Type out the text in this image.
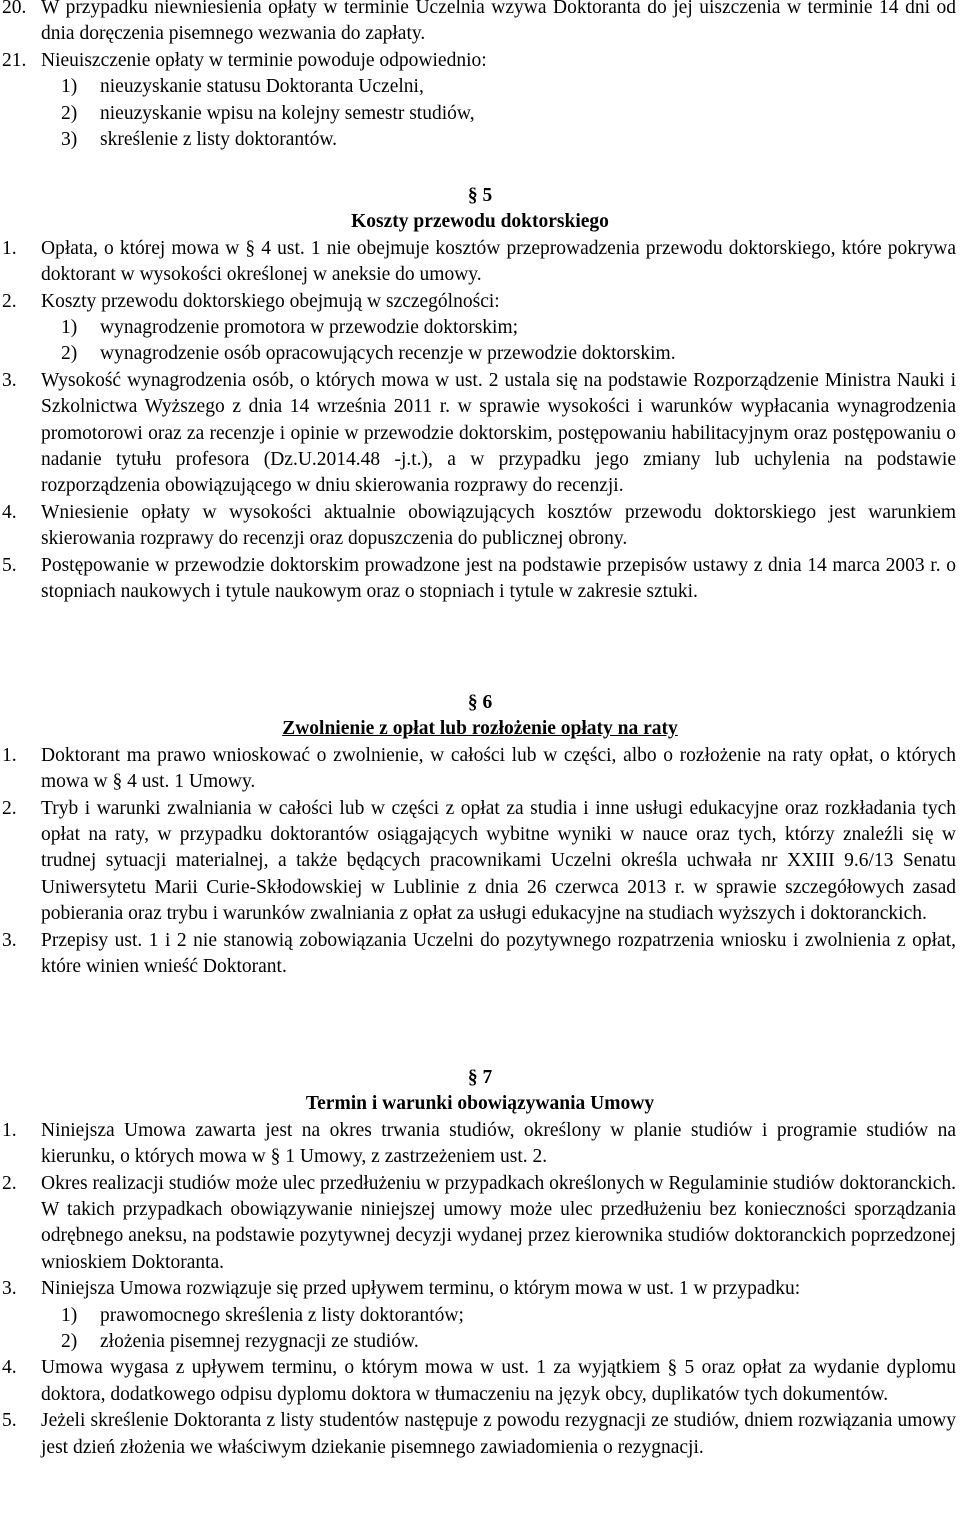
20. W przypadku niewniesienia opłaty w terminie Uczelnia wzywa Doktoranta do jej uiszczenia w terminie 14 dni od dnia doręczenia pisemnego wezwania do zapłaty.
21. Nieuiszczenie opłaty w terminie powoduje odpowiednio:
1) nieuzyskanie statusu Doktoranta Uczelni,
2) nieuzyskanie wpisu na kolejny semestr studiów,
3) skreślenie z listy doktorantów.
§ 5
Koszty przewodu doktorskiego
1. Opłata, o której mowa w § 4 ust. 1 nie obejmuje kosztów przeprowadzenia przewodu doktorskiego, które pokrywa doktorant w wysokości określonej w aneksie do umowy.
2. Koszty przewodu doktorskiego obejmują w szczególności:
1) wynagrodzenie promotora w przewodzie doktorskim;
2) wynagrodzenie osób opracowujących recenzje w przewodzie doktorskim.
3. Wysokość wynagrodzenia osób, o których mowa w ust. 2 ustala się na podstawie Rozporządzenie Ministra Nauki i Szkolnictwa Wyższego z dnia 14 września 2011 r. w sprawie wysokości i warunków wypłacania wynagrodzenia promotorowi oraz za recenzje i opinie w przewodzie doktorskim, postępowaniu habilitacyjnym oraz postępowaniu o nadanie tytułu profesora (Dz.U.2014.48 -j.t.), a w przypadku jego zmiany lub uchylenia na podstawie rozporządzenia obowiązującego w dniu skierowania rozprawy do recenzji.
4. Wniesienie opłaty w wysokości aktualnie obowiązujących kosztów przewodu doktorskiego jest warunkiem skierowania rozprawy do recenzji oraz dopuszczenia do publicznej obrony.
5. Postępowanie w przewodzie doktorskim prowadzone jest na podstawie przepisów ustawy z dnia 14 marca 2003 r. o stopniach naukowych i tytule naukowym oraz o stopniach i tytule w zakresie sztuki.
§ 6
Zwolnienie z opłat lub rozłożenie opłaty na raty
1. Doktorant ma prawo wnioskować o zwolnienie, w całości lub w części, albo o rozłożenie na raty opłat, o których mowa w § 4 ust. 1 Umowy.
2. Tryb i warunki zwalniania w całości lub w części z opłat za studia i inne usługi edukacyjne oraz rozkładania tych opłat na raty, w przypadku doktorantów osiągających wybitne wyniki w nauce oraz tych, którzy znaleźli się w trudnej sytuacji materialnej, a także będących pracownikami Uczelni określa uchwała nr XXIII 9.6/13 Senatu Uniwersytetu Marii Curie-Skłodowskiej w Lublinie z dnia 26 czerwca 2013 r. w sprawie szczegółowych zasad pobierania oraz trybu i warunków zwalniania z opłat za usługi edukacyjne na studiach wyższych i doktoranckich.
3. Przepisy ust. 1 i 2 nie stanowią zobowiązania Uczelni do pozytywnego rozpatrzenia wniosku i zwolnienia z opłat, które winien wnieść Doktorant.
§ 7
Termin i warunki obowiązywania Umowy
1. Niniejsza Umowa zawarta jest na okres trwania studiów, określony w planie studiów i programie studiów na kierunku, o których mowa w § 1 Umowy, z zastrzeżeniem ust. 2.
2. Okres realizacji studiów może ulec przedłużeniu w przypadkach określonych w Regulaminie studiów doktoranckich. W takich przypadkach obowiązywanie niniejszej umowy może ulec przedłużeniu bez konieczności sporządzania odrębnego aneksu, na podstawie pozytywnej decyzji wydanej przez kierownika studiów doktoranckich poprzedzonej wnioskiem Doktoranta.
3. Niniejsza Umowa rozwiązuje się przed upływem terminu, o którym mowa w ust. 1 w przypadku:
1) prawomocnego skreślenia z listy doktorantów;
2) złożenia pisemnej rezygnacji ze studiów.
4. Umowa wygasa z upływem terminu, o którym mowa w ust. 1 za wyjątkiem § 5 oraz opłat za wydanie dyplomu doktora, dodatkowego odpisu dyplomu doktora w tłumaczeniu na język obcy, duplikatów tych dokumentów.
5. Jeżeli skreślenie Doktoranta z listy studentów następuje z powodu rezygnacji ze studiów, dniem rozwiązania umowy jest dzień złożenia we właściwym dziekanie pisemnego zawiadomienia o rezygnacji.
